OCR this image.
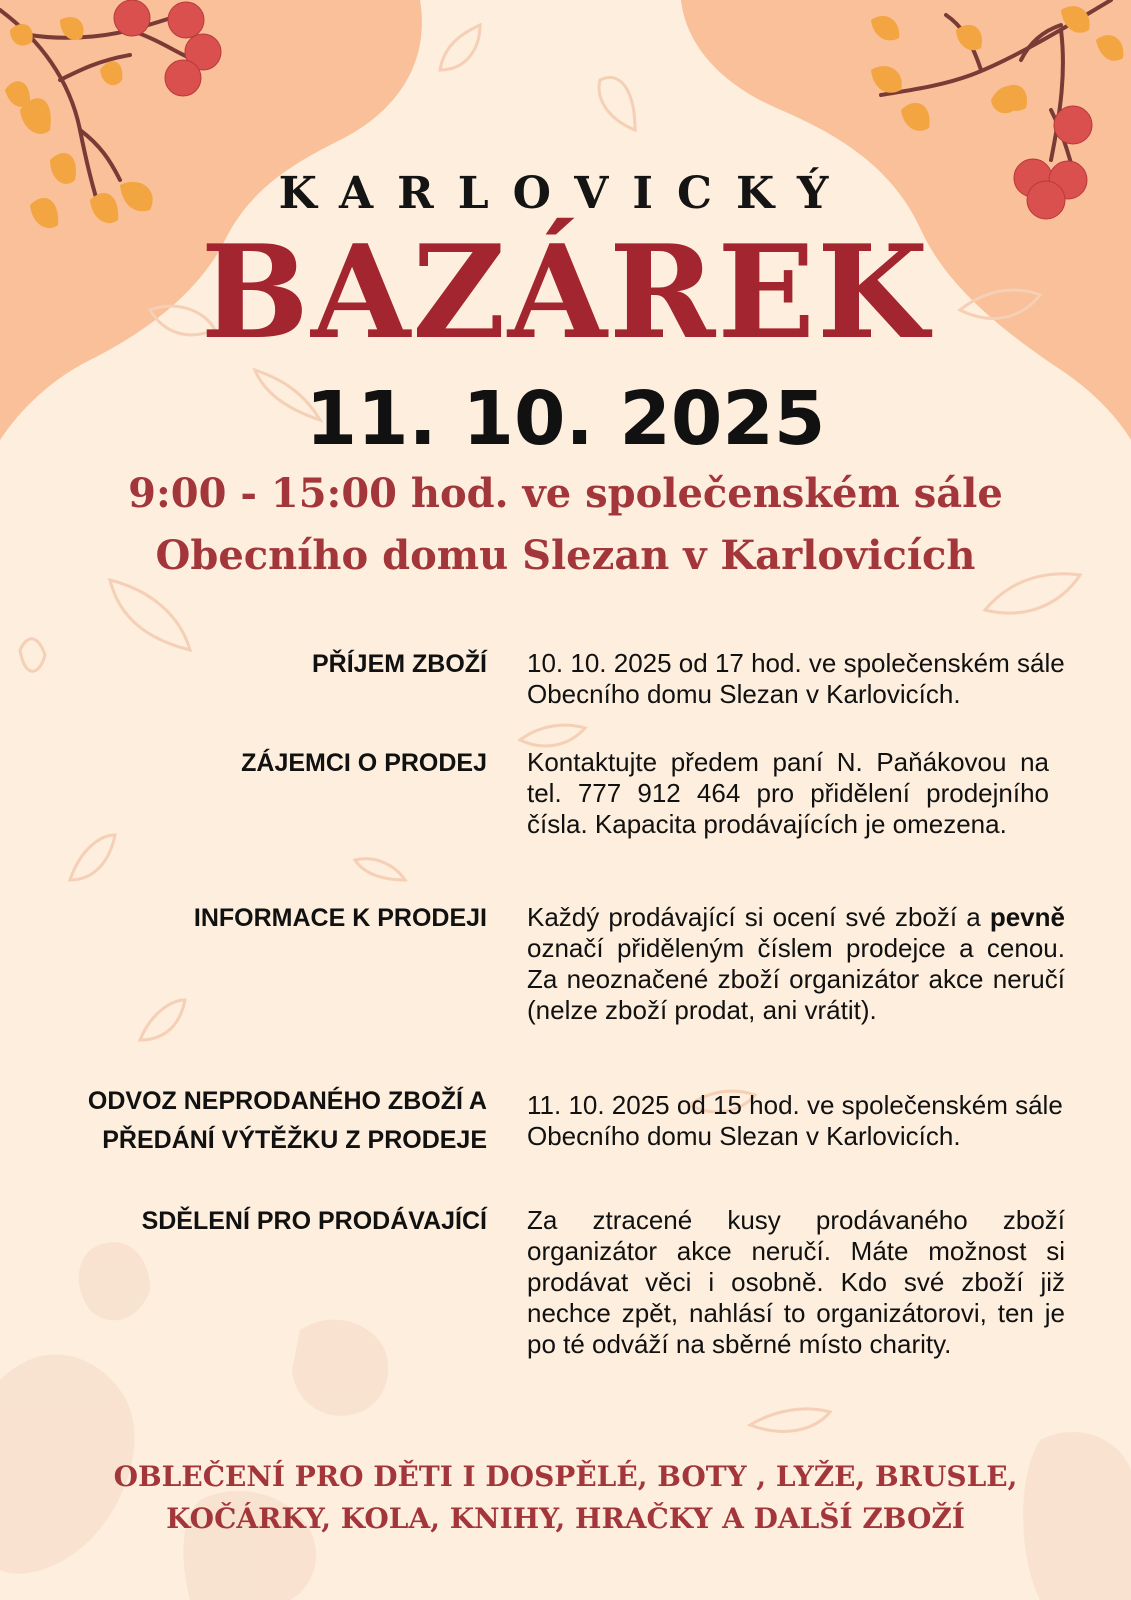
KARLOVICKÝ
BAZÁREK
11. 10. 2025
9:00 - 15:00 hod. ve společenském sále
Obecního domu Slezan v Karlovicích
PŘÍJEM ZBOŽÍ 10. 10. 2025 od 17 hod. ve společenském sále Obecního domu Slezan v Karlovicích.
ZÁJEMCI O PRODEJ Kontaktujte předem paní N. Paňákovou na tel. 777 912 464 pro přidělení prodejního čísla. Kapacita prodávajících je omezena.
INFORMACE K PRODEJI Každý prodávající si ocení své zboží a pevně označí přiděleným číslem prodejce a cenou. Za neoznačené zboží organizátor akce neručí (nelze zboží prodat, ani vrátit).
ODVOZ NEPRODANÉHO ZBOŽÍ A
PŘEDÁNÍ VÝTĚŽKU Z PRODEJE
11. 10. 2025 od 15 hod. ve společenském sále Obecního domu Slezan v Karlovicích.
SDĚLENÍ PRO PRODÁVAJÍCÍ Za ztracené kusy prodávaného zboží organizátor akce neručí. Máte možnost si prodávat věci i osobně. Kdo své zboží již nechce zpět, nahlásí to organizátorovi, ten je po té odváží na sběrné místo charity.
OBLEČENÍ PRO DĚTI I DOSPĚLÉ, BOTY , LYŽE, BRUSLE,
KOČÁRKY, KOLA, KNIHY, HRAČKY A DALŠÍ ZBOŽÍ
